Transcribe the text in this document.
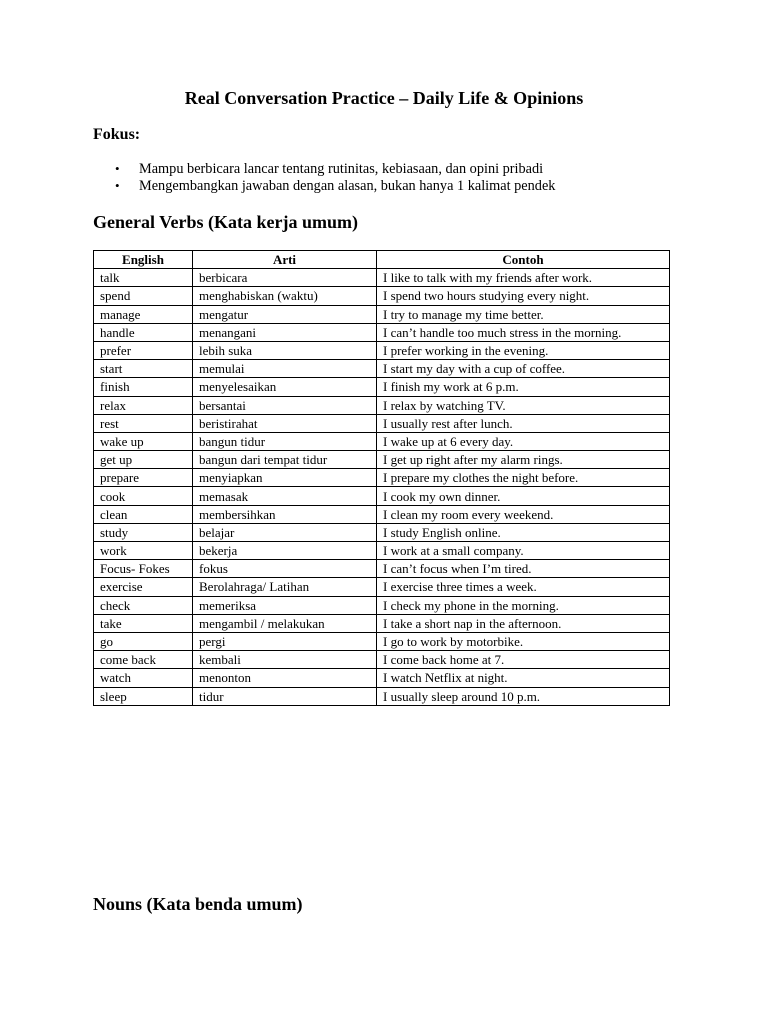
Real Conversation Practice – Daily Life & Opinions
Fokus:
• Mampu berbicara lancar tentang rutinitas, kebiasaan, dan opini pribadi
• Mengembangkan jawaban dengan alasan, bukan hanya 1 kalimat pendek
General Verbs (Kata kerja umum)
English	Arti	Contoh
talk	berbicara	I like to talk with my friends after work.
spend	menghabiskan (waktu)	I spend two hours studying every night.
manage	mengatur	I try to manage my time better.
handle	menangani	I can’t handle too much stress in the morning.
prefer	lebih suka	I prefer working in the evening.
start	memulai	I start my day with a cup of coffee.
finish	menyelesaikan	I finish my work at 6 p.m.
relax	bersantai	I relax by watching TV.
rest	beristirahat	I usually rest after lunch.
wake up	bangun tidur	I wake up at 6 every day.
get up	bangun dari tempat tidur	I get up right after my alarm rings.
prepare	menyiapkan	I prepare my clothes the night before.
cook	memasak	I cook my own dinner.
clean	membersihkan	I clean my room every weekend.
study	belajar	I study English online.
work	bekerja	I work at a small company.
Focus- Fokes	fokus	I can’t focus when I’m tired.
exercise	Berolahraga/ Latihan	I exercise three times a week.
check	memeriksa	I check my phone in the morning.
take	mengambil / melakukan	I take a short nap in the afternoon.
go	pergi	I go to work by motorbike.
come back	kembali	I come back home at 7.
watch	menonton	I watch Netflix at night.
sleep	tidur	I usually sleep around 10 p.m.
Nouns (Kata benda umum)
